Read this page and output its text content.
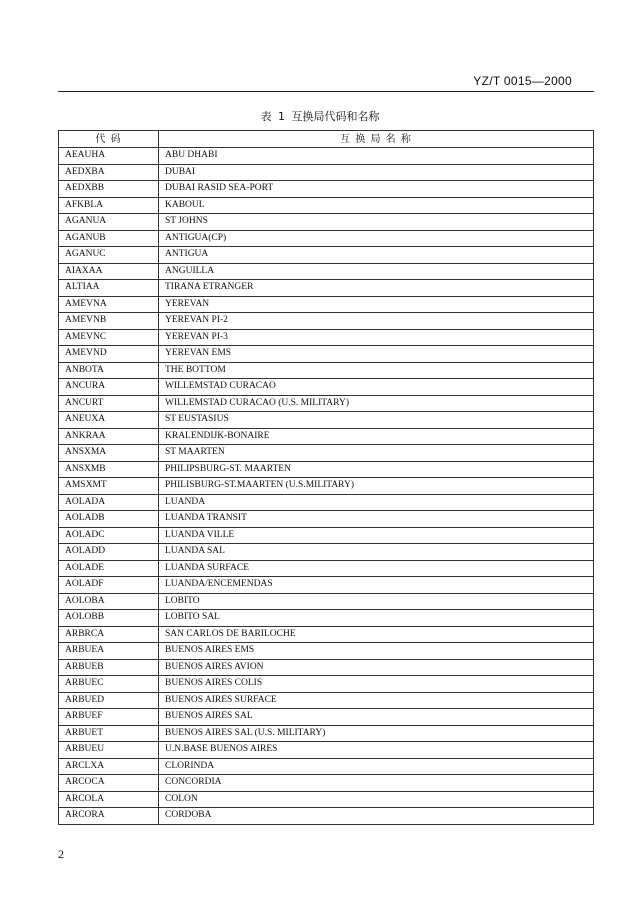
YZ/T 0015—2000
表 1 互换局代码和名称
代 码	互 换 局 名 称
AEAUHA	ABU DHABI
AEDXBA	DUBAI
AEDXBB	DUBAI RASID SEA-PORT
AFKBLA	KABOUL
AGANUA	ST JOHNS
AGANUB	ANTIGUA(CP)
AGANUC	ANTIGUA
AIAXAA	ANGUILLA
ALTIAA	TIRANA ETRANGER
AMEVNA	YEREVAN
AMEVNB	YEREVAN PI-2
AMEVNC	YEREVAN PI-3
AMEVND	YEREVAN EMS
ANBOTA	THE BOTTOM
ANCURA	WILLEMSTAD CURACAO
ANCURT	WILLEMSTAD CURACAO (U.S. MILITARY)
ANEUXA	ST EUSTASIUS
ANKRAA	KRALENDIJK-BONAIRE
ANSXMA	ST MAARTEN
ANSXMB	PHILIPSBURG-ST. MAARTEN
AMSXMT	PHILISBURG-ST.MAARTEN (U.S.MILITARY)
AOLADA	LUANDA
AOLADB	LUANDA TRANSIT
AOLADC	LUANDA VILLE
AOLADD	LUANDA SAL
AOLADE	LUANDA SURFACE
AOLADF	LUANDA/ENCEMENDAS
AOLOBA	LOBITO
AOLOBB	LOBITO SAL
ARBRCA	SAN CARLOS DE BARILOCHE
ARBUEA	BUENOS AIRES EMS
ARBUEB	BUENOS AIRES AVION
ARBUEC	BUENOS AIRES COLIS
ARBUED	BUENOS AIRES SURFACE
ARBUEF	BUENOS AIRES SAL
ARBUET	BUENOS AIRES SAL (U.S. MILITARY)
ARBUEU	U.N.BASE BUENOS AIRES
ARCLXA	CLORINDA
ARCOCA	CONCORDIA
ARCOLA	COLON
ARCORA	CORDOBA
2
